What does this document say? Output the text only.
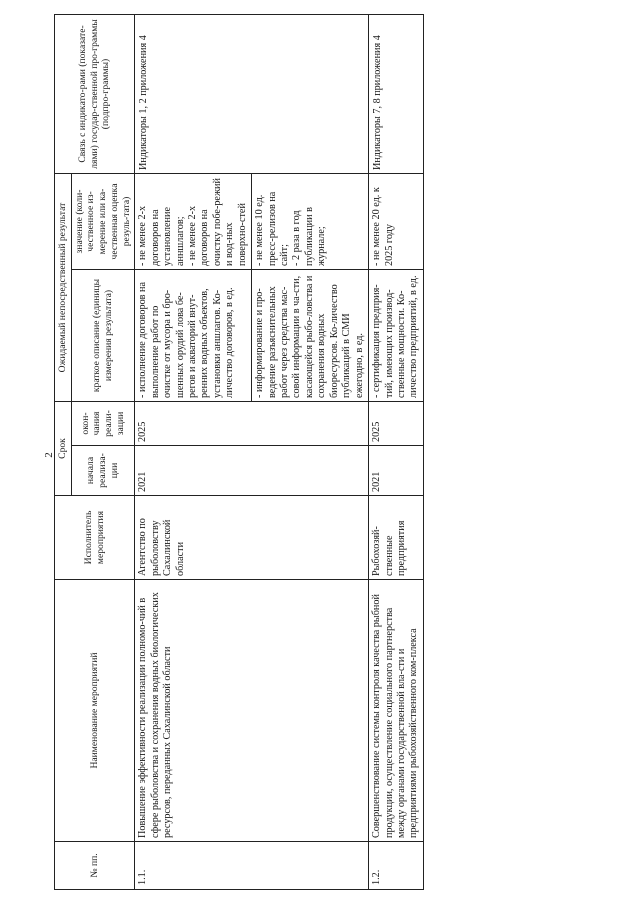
2
№ пп.	Наименование мероприятий	Исполнитель мероприятия	Срок		Ожидаемый непосредственный результат		Связь с индикато-рами (показате-лями) государ-ственной про-граммы (подпро-граммы)
			начала реализа-ции	окон-чания реали-зации	краткое описание (единицы измерения результата)	значение (коли-чественное из-мерение или ка-чественная оценка резуль-тата)	
1.1.	Повышение эффективности реализации полномо-чий в сфере рыболовства и сохранения водных биологических ресурсов, переданных Сахалинской области	Агентство по рыболовству Сахалинской области	2021	2025	- исполнение договоров на выполнение работ по очистке от мусора и бро-шенных орудий лова бе-регов и акваторий внут-ренних водных объектов, установки аншлагов. Ко-личество договоров, в ед.	- не менее 2-х договоров на установление анншлагов;
- не менее 2-х договоров на очистку побе-режий и вод-ных поверхно-стей	Индикаторы 1, 2 приложения 4
					- информирование и про-ведение разъяснительных работ через средства мас-совой информации в ча-сти, касающейся рыбо-ловства и сохранения водных биоресурсов. Ко-личество публикаций в СМИ ежегодно, в ед.	- не менее 10 ед. пресс-релизов на сайт;
- 2 раза в год публикации в журнале;	
1.2.	Совершенствование системы контроля качества рыбной продукции, осуществление социального партнерства между органами государственной вла-сти и предприятиями рыбохозяйственного ком-плекса	Рыбохозяй-ственные предприятия	2021	2025	- сертификация предприя-тий, имеющих производ-ственные мощности. Ко-личество предприятий, в ед.	- не менее 20 ед. к 2025 году	Индикаторы 7, 8 приложения 4
